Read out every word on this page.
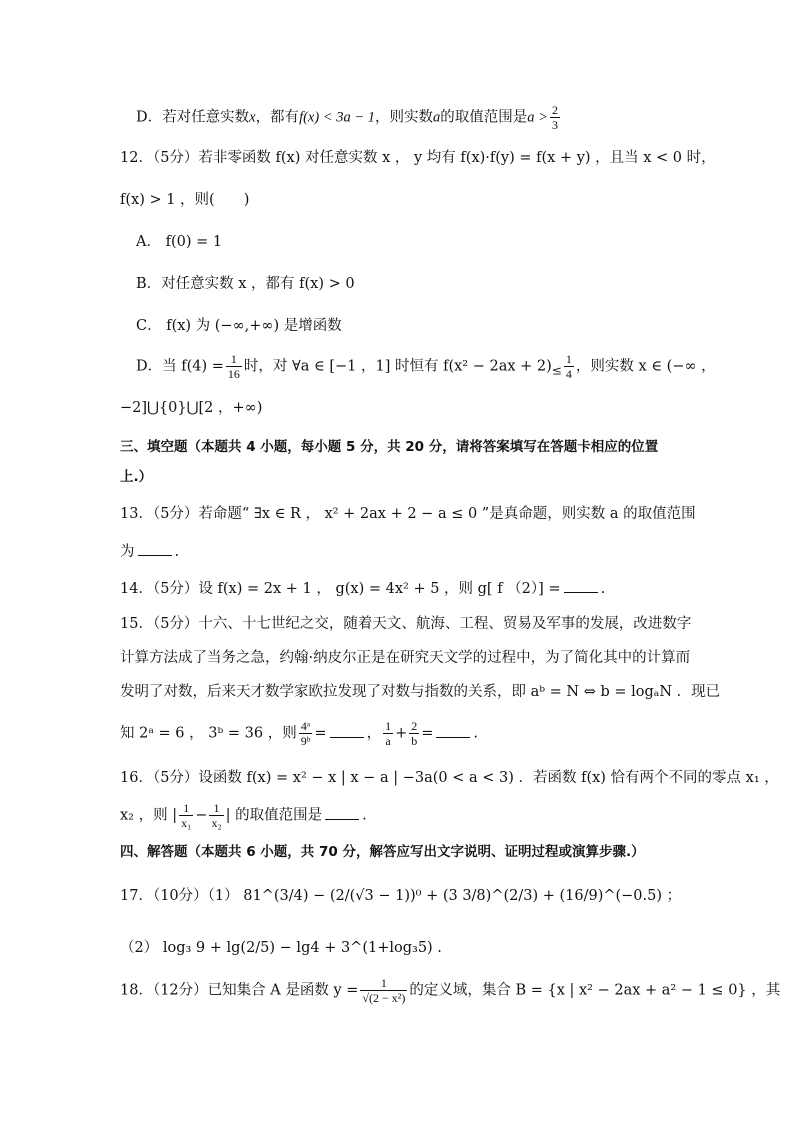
D．若对任意实数x，都有f(x) < 3a − 1，则实数a的取值范围是$a > \frac{2}{3}$
12．（5分）若非零函数 f(x) 对任意实数 x ， y 均有 f(x)·f(y) = f(x + y) ，且当 x < 0 时，
f(x) > 1 ，则(　　)
A． f(0) = 1
B．对任意实数 x ，都有 f(x) > 0
C． f(x) 为 (−∞,+∞) 是增函数
D．当 $f(4) = \frac{1}{16}$ 时，对 ∀a ∈ [−1 ，1] 时恒有 $f(x^2 - 2ax + 2)_\le \frac{1}{4}$ ，则实数 x ∈ (−∞ ，
−2]⋃{0}⋃[2 ，+∞)
三、填空题（本题共 4 小题，每小题 5 分，共 20 分，请将答案填写在答题卡相应的位置
上.）
13．（5分）若命题“ ∃x ∈ R ， x² + 2ax + 2 − a ≤ 0 ”是真命题，则实数 a 的取值范围
为	.
14．（5分）设 f(x) = 2x + 1 ， g(x) = 4x² + 5 ，则 g[ f （2）] =	.
15．（5分）十六、十七世纪之交，随着天文、航海、工程、贸易及军事的发展，改进数字
计算方法成了当务之急，约翰·纳皮尔正是在研究天文学的过程中，为了简化其中的计算而
发明了对数，后来天才数学家欧拉发现了对数与指数的关系，即 aᵇ = N ⇔ b = logₐN ．现已
知 2ᵃ = 6 ， 3ᵇ = 36 ，则 $\frac{\text{4ᵃ}}{\text{9ᵇ}}$ =	， $\frac{1}{a} + \frac{2}{b}$ =	.
16．（5分）设函数 f(x) = x² − x | x − a | −3a(0 < a < 3) ．若函数 f(x) 恰有两个不同的零点 x₁ ，
x₂ ，则 | $\frac{1}{\text{x₁}} - \frac{1}{\text{x₂}}$ | 的取值范围是	.
四、解答题（本题共 6 小题，共 70 分，解答应写出文字说明、证明过程或演算步骤.）
17．（10分）（1） 81^(3/4) − (2/(√3 − 1))⁰ + (3 3/8)^(2/3) + (16/9)^(−0.5) ；
（2） log₃ 9 + lg(2/5) − lg4 + 3^(1+log₃5) .
18．（12分）已知集合 A 是函数 $y = \frac{1}{\text{√(2 − x²)}}$ 的定义域，集合 B = {x | x² − 2ax + a² − 1 ≤ 0} ，其
